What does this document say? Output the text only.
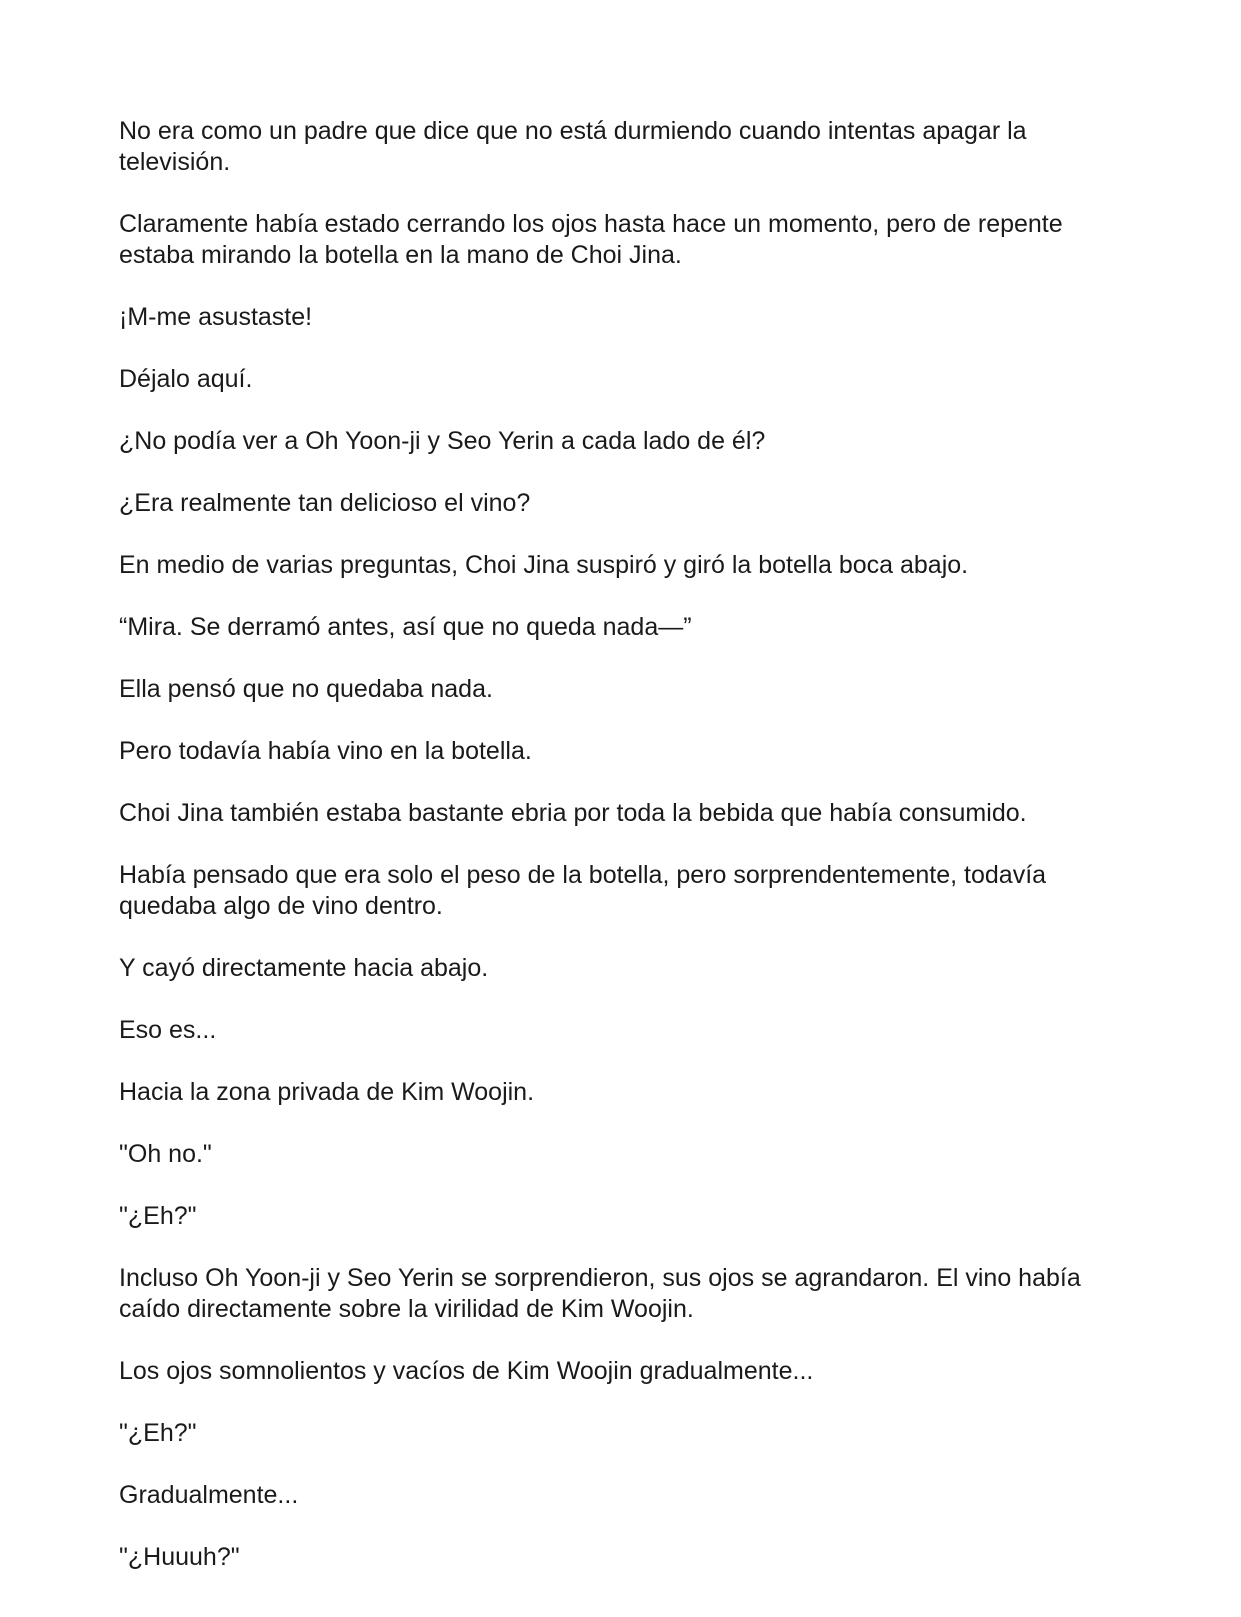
No era como un padre que dice que no está durmiendo cuando intentas apagar la televisión.

Claramente había estado cerrando los ojos hasta hace un momento, pero de repente estaba mirando la botella en la mano de Choi Jina.

¡M-me asustaste!

Déjalo aquí.

¿No podía ver a Oh Yoon-ji y Seo Yerin a cada lado de él?

¿Era realmente tan delicioso el vino?

En medio de varias preguntas, Choi Jina suspiró y giró la botella boca abajo.

“Mira. Se derramó antes, así que no queda nada—”

Ella pensó que no quedaba nada.

Pero todavía había vino en la botella.

Choi Jina también estaba bastante ebria por toda la bebida que había consumido.

Había pensado que era solo el peso de la botella, pero sorprendentemente, todavía quedaba algo de vino dentro.

Y cayó directamente hacia abajo.

Eso es...

Hacia la zona privada de Kim Woojin.

"Oh no."

"¿Eh?"

Incluso Oh Yoon-ji y Seo Yerin se sorprendieron, sus ojos se agrandaron. El vino había caído directamente sobre la virilidad de Kim Woojin.

Los ojos somnolientos y vacíos de Kim Woojin gradualmente...

"¿Eh?"

Gradualmente...

"¿Huuuh?"
